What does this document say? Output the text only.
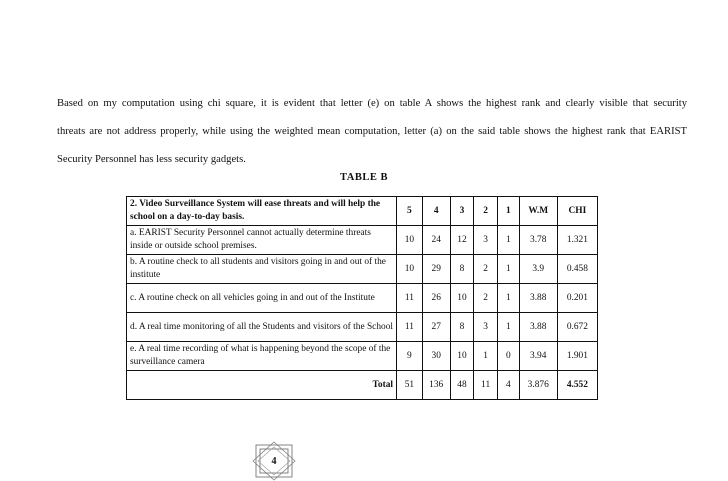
Based on my computation using chi square, it is evident that letter (e) on table A shows the highest rank and clearly visible that security
threats are not address properly, while using the weighted mean computation, letter (a) on the said table shows the highest rank that EARIST
Security Personnel has less security gadgets.
TABLE B
2. Video Surveillance System will ease threats and will help the school on a day-to-day basis.	5	4	3	2	1	W.M	CHI
a. EARIST Security Personnel cannot actually determine threats inside or outside school premises.	10	24	12	3	1	3.78	1.321
b. A routine check to all students and visitors going in and out of the institute	10	29	8	2	1	3.9	0.458
c. A routine check on all vehicles going in and out of the Institute	11	26	10	2	1	3.88	0.201
d. A real time monitoring of all the Students and visitors of the School	11	27	8	3	1	3.88	0.672
e. A real time recording of what is happening beyond the scope of the surveillance camera	9	30	10	1	0	3.94	1.901
Total	51	136	48	11	4	3.876	4.552
4
